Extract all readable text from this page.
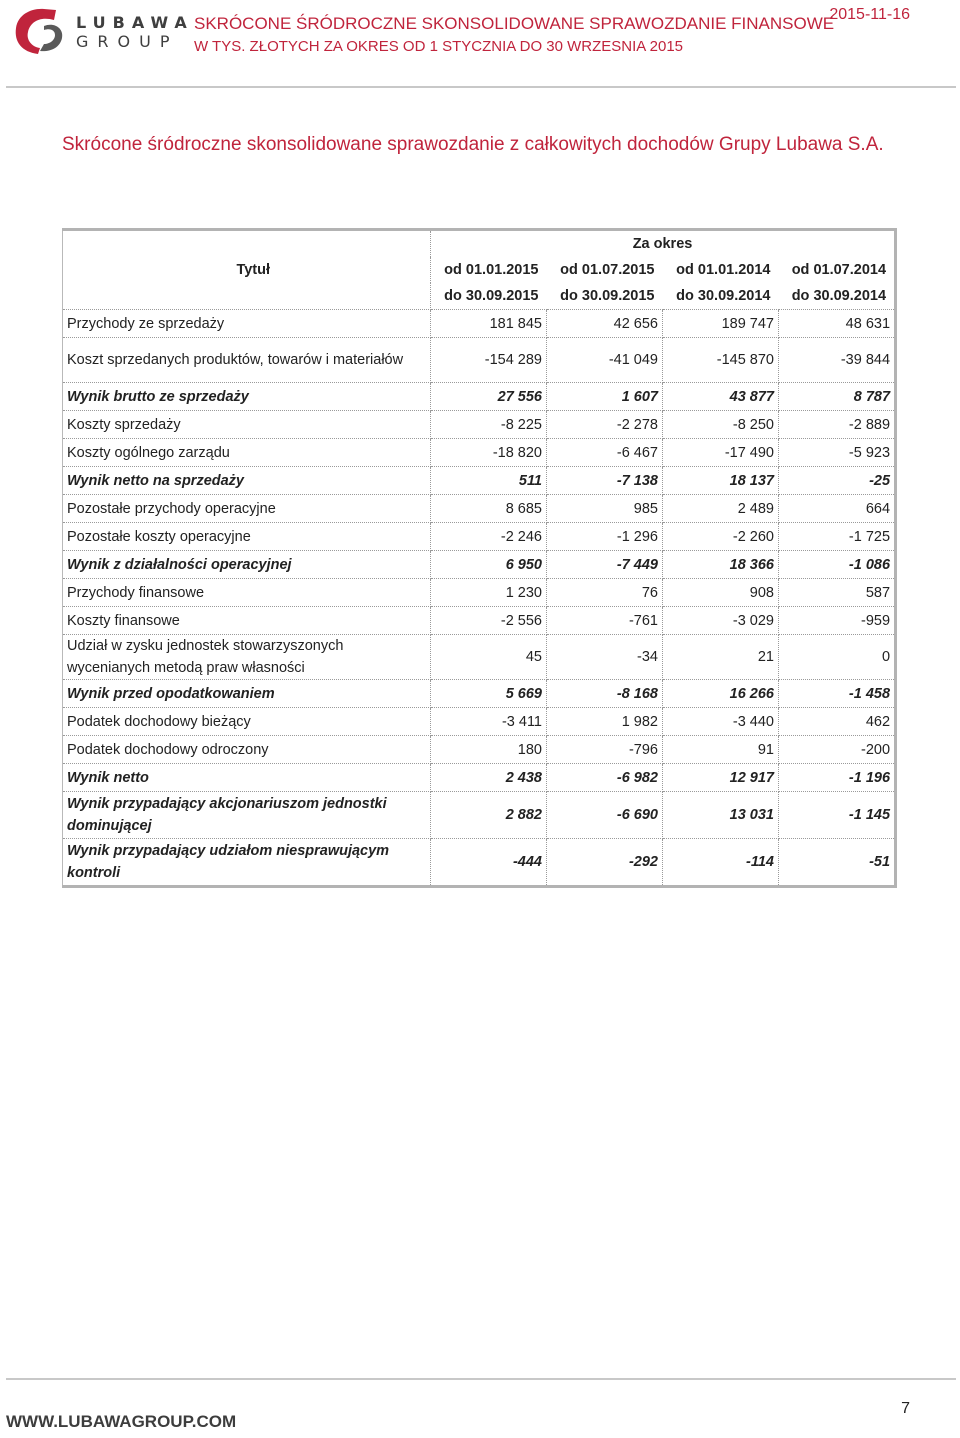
LUBAWA
GROUP
SKRÓCONE ŚRÓDROCZNE SKONSOLIDOWANE SPRAWOZDANIE FINANSOWE
W TYS. ZŁOTYCH ZA OKRES OD 1 STYCZNIA DO 30 WRZESNIA 2015
2015-11-16
Skrócone śródroczne skonsolidowane sprawozdanie z całkowitych dochodów Grupy Lubawa S.A.
Tytuł	Za okres			
	od 01.01.2015	od 01.07.2015	od 01.01.2014	od 01.07.2014
	do 30.09.2015	do 30.09.2015	do 30.09.2014	do 30.09.2014
Przychody ze sprzedaży	181 845	42 656	189 747	48 631
Koszt sprzedanych produktów, towarów i materiałów	-154 289	-41 049	-145 870	-39 844
Wynik brutto ze sprzedaży	27 556	1 607	43 877	8 787
Koszty sprzedaży	-8 225	-2 278	-8 250	-2 889
Koszty ogólnego zarządu	-18 820	-6 467	-17 490	-5 923
Wynik netto na sprzedaży	511	-7 138	18 137	-25
Pozostałe przychody operacyjne	8 685	985	2 489	664
Pozostałe koszty operacyjne	-2 246	-1 296	-2 260	-1 725
Wynik z działalności operacyjnej	6 950	-7 449	18 366	-1 086
Przychody finansowe	1 230	76	908	587
Koszty finansowe	-2 556	-761	-3 029	-959
Udział w zysku jednostek stowarzyszonych wycenianych metodą praw własności	45	-34	21	0
Wynik przed opodatkowaniem	5 669	-8 168	16 266	-1 458
Podatek dochodowy bieżący	-3 411	1 982	-3 440	462
Podatek dochodowy odroczony	180	-796	91	-200
Wynik netto	2 438	-6 982	12 917	-1 196
Wynik przypadający akcjonariuszom jednostki dominującej	2 882	-6 690	13 031	-1 145
Wynik przypadający udziałom niesprawującym kontroli	-444	-292	-114	-51
WWW.LUBAWAGROUP.COM
7
